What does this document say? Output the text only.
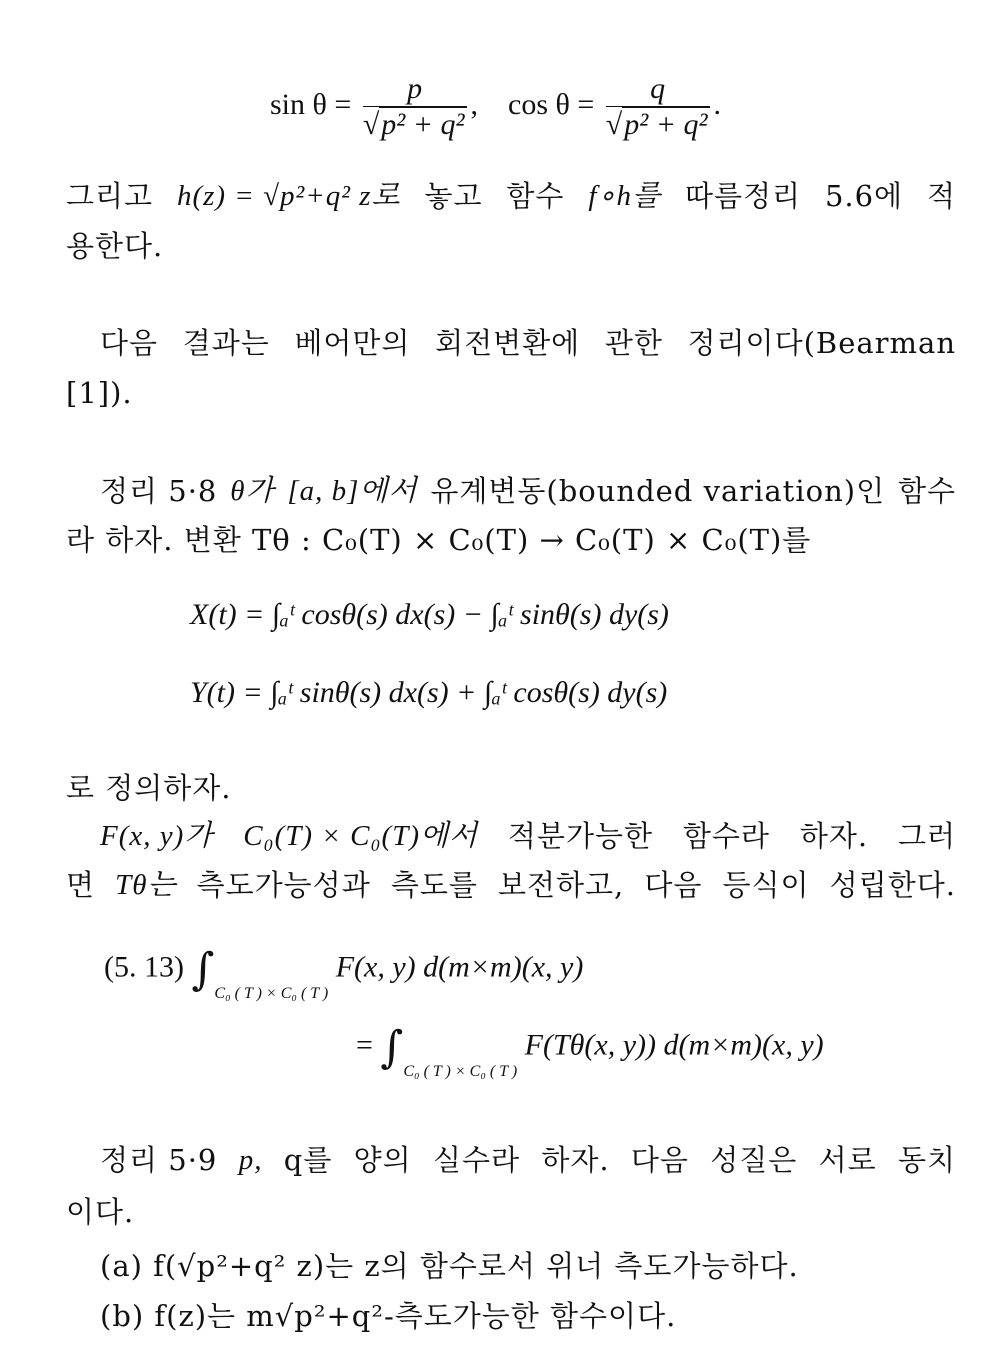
$\sin \theta = \frac{p}{\text{√p² + q²}}$ , $\cos \theta = \frac{q}{\text{√p² + q²}}$ .
그리고 h(z) = √p²+q² z로 놓고 함수 f∘h를 따름정리 5.6에 적
용한다.
다음 결과는 베어만의 회전변환에 관한 정리이다(Bearman
[1]).
정리 5·8 θ가 [a, b]에서 유계변동(bounded variation)인 함수
라 하자. 변환 Tθ : C₀(T) × C₀(T) → C₀(T) × C₀(T)를
X(t) = ∫ₐᵗ cosθ(s) dx(s) − ∫ₐᵗ sinθ(s) dy(s)
Y(t) = ∫ₐᵗ sinθ(s) dx(s) + ∫ₐᵗ cosθ(s) dy(s)
로 정의하자.
F(x, y)가 C₀(T) × C₀(T)에서 적분가능한 함수라 하자. 그러
면 Tθ는 측도가능성과 측도를 보전하고, 다음 등식이 성립한다.
(5. 13) ∫C₀ ( T ) × C₀ ( T ) F(x, y) d(m×m)(x, y)
= ∫C₀ ( T ) × C₀ ( T ) F(Tθ(x, y)) d(m×m)(x, y)
정리 5·9 p, q를 양의 실수라 하자. 다음 성질은 서로 동치
이다.
(a) f(√p²+q² z)는 z의 함수로서 위너 측도가능하다.
(b) f(z)는 m√p²+q²-측도가능한 함수이다.
